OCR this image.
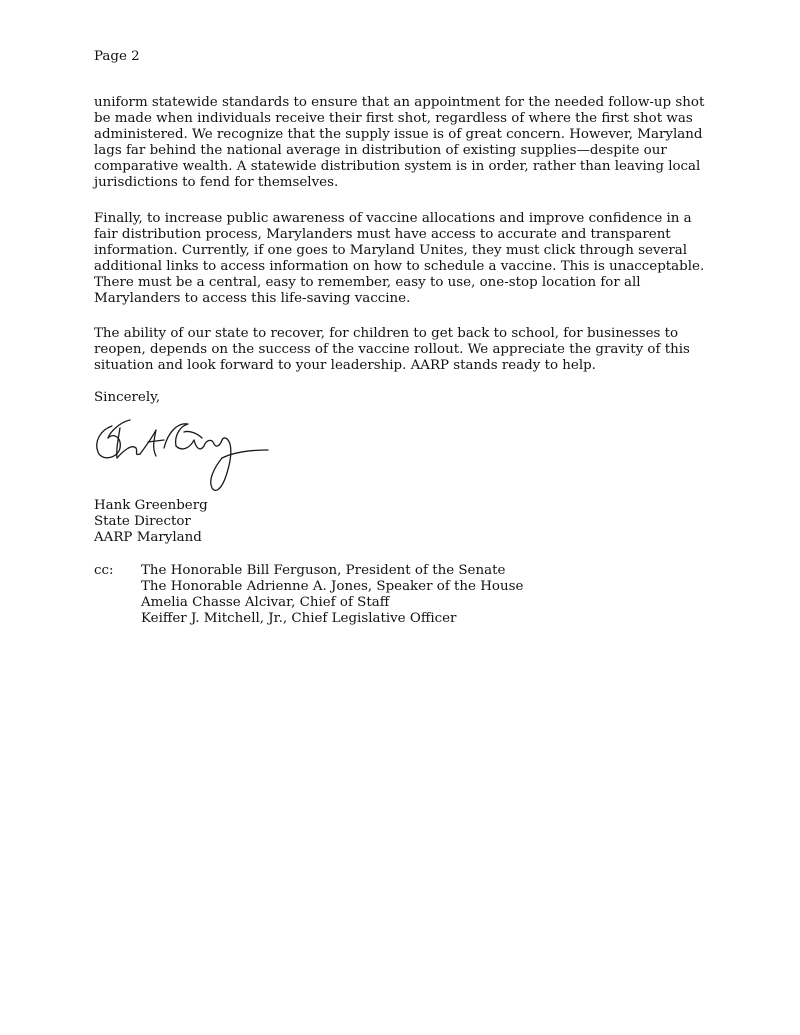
Page 2

uniform statewide standards to ensure that an appointment for the needed follow-up shot be made when individuals receive their first shot, regardless of where the first shot was administered. We recognize that the supply issue is of great concern. However, Maryland lags far behind the national average in distribution of existing supplies—despite our comparative wealth. A statewide distribution system is in order, rather than leaving local jurisdictions to fend for themselves.

Finally, to increase public awareness of vaccine allocations and improve confidence in a fair distribution process, Marylanders must have access to accurate and transparent information. Currently, if one goes to Maryland Unites, they must click through several additional links to access information on how to schedule a vaccine. This is unacceptable. There must be a central, easy to remember, easy to use, one-stop location for all Marylanders to access this life-saving vaccine.

The ability of our state to recover, for children to get back to school, for businesses to reopen, depends on the success of the vaccine rollout. We appreciate the gravity of this situation and look forward to your leadership. AARP stands ready to help.

Sincerely,
Hank Greenberg
State Director
AARP Maryland
cc: The Honorable Bill Ferguson, President of the Senate
The Honorable Adrienne A. Jones, Speaker of the House
Amelia Chasse Alcivar, Chief of Staff
Keiffer J. Mitchell, Jr., Chief Legislative Officer
